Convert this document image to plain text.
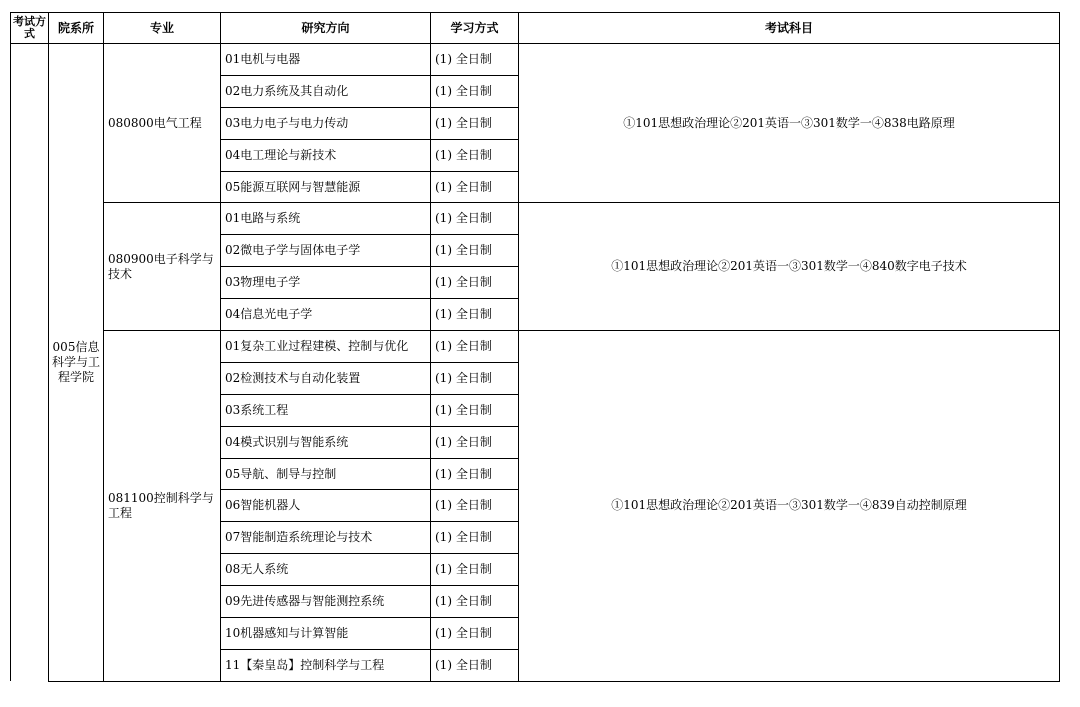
考试方式	院系所	专业	研究方向	学习方式	考试科目
	005信息科学与工程学院	080800电气工程	01电机与电器	(1) 全日制	①101思想政治理论②201英语一③301数学一④838电路原理
			02电力系统及其自动化	(1) 全日制	
			03电力电子与电力传动	(1) 全日制	
			04电工理论与新技术	(1) 全日制	
			05能源互联网与智慧能源	(1) 全日制	
		080900电子科学与技术	01电路与系统	(1) 全日制	①101思想政治理论②201英语一③301数学一④840数字电子技术
			02微电子学与固体电子学	(1) 全日制	
			03物理电子学	(1) 全日制	
			04信息光电子学	(1) 全日制	
		081100控制科学与工程	01复杂工业过程建模、控制与优化	(1) 全日制	①101思想政治理论②201英语一③301数学一④839自动控制原理
			02检测技术与自动化装置	(1) 全日制	
			03系统工程	(1) 全日制	
			04模式识别与智能系统	(1) 全日制	
			05导航、制导与控制	(1) 全日制	
			06智能机器人	(1) 全日制	
			07智能制造系统理论与技术	(1) 全日制	
			08无人系统	(1) 全日制	
			09先进传感器与智能测控系统	(1) 全日制	
			10机器感知与计算智能	(1) 全日制	
			11【秦皇岛】控制科学与工程	(1) 全日制	
